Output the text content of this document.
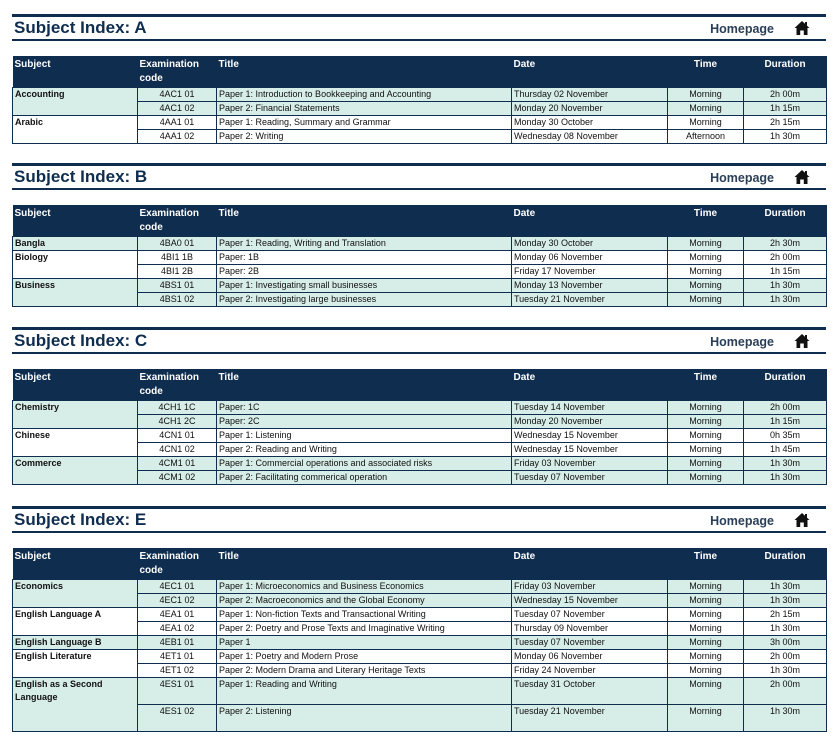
Subject Index: A	Homepage
Subject	Examination code	Title	Date	Time	Duration
Accounting	4AC1 01	Paper 1: Introduction to Bookkeeping and Accounting	Thursday 02 November	Morning	2h 00m
	4AC1 02	Paper 2: Financial Statements	Monday 20 November	Morning	1h 15m
Arabic	4AA1 01	Paper 1: Reading, Summary and Grammar	Monday 30 October	Morning	2h 15m
	4AA1 02	Paper 2: Writing	Wednesday 08 November	Afternoon	1h 30m
Subject Index: B	Homepage
Subject	Examination code	Title	Date	Time	Duration
Bangla	4BA0 01	Paper 1: Reading, Writing and Translation	Monday 30 October	Morning	2h 30m
Biology	4BI1 1B	Paper: 1B	Monday 06 November	Morning	2h 00m
	4BI1 2B	Paper: 2B	Friday 17 November	Morning	1h 15m
Business	4BS1 01	Paper 1: Investigating small businesses	Monday 13 November	Morning	1h 30m
	4BS1 02	Paper 2: Investigating large businesses	Tuesday 21 November	Morning	1h 30m
Subject Index: C	Homepage
Subject	Examination code	Title	Date	Time	Duration
Chemistry	4CH1 1C	Paper: 1C	Tuesday 14 November	Morning	2h 00m
	4CH1 2C	Paper: 2C	Monday 20 November	Morning	1h 15m
Chinese	4CN1 01	Paper 1: Listening	Wednesday 15 November	Morning	0h 35m
	4CN1 02	Paper 2: Reading and Writing	Wednesday 15 November	Morning	1h 45m
Commerce	4CM1 01	Paper 1: Commercial operations and associated risks	Friday 03 November	Morning	1h 30m
	4CM1 02	Paper 2: Facilitating commerical operation	Tuesday 07 November	Morning	1h 30m
Subject Index: E	Homepage
Subject	Examination code	Title	Date	Time	Duration
Economics	4EC1 01	Paper 1: Microeconomics and Business Economics	Friday 03 November	Morning	1h 30m
	4EC1 02	Paper 2: Macroeconomics and the Global Economy	Wednesday 15 November	Morning	1h 30m
English Language A	4EA1 01	Paper 1: Non-fiction Texts and Transactional Writing	Tuesday 07 November	Morning	2h 15m
	4EA1 02	Paper 2: Poetry and Prose Texts and Imaginative Writing	Thursday 09 November	Morning	1h 30m
English Language B	4EB1 01	Paper 1	Tuesday 07 November	Morning	3h 00m
English Literature	4ET1 01	Paper 1: Poetry and Modern Prose	Monday 06 November	Morning	2h 00m
	4ET1 02	Paper 2: Modern Drama and Literary Heritage Texts	Friday 24 November	Morning	1h 30m
English as a Second Language	4ES1 01	Paper 1: Reading and Writing	Tuesday 31 October	Morning	2h 00m
	4ES1 02	Paper 2: Listening	Tuesday 21 November	Morning	1h 30m
